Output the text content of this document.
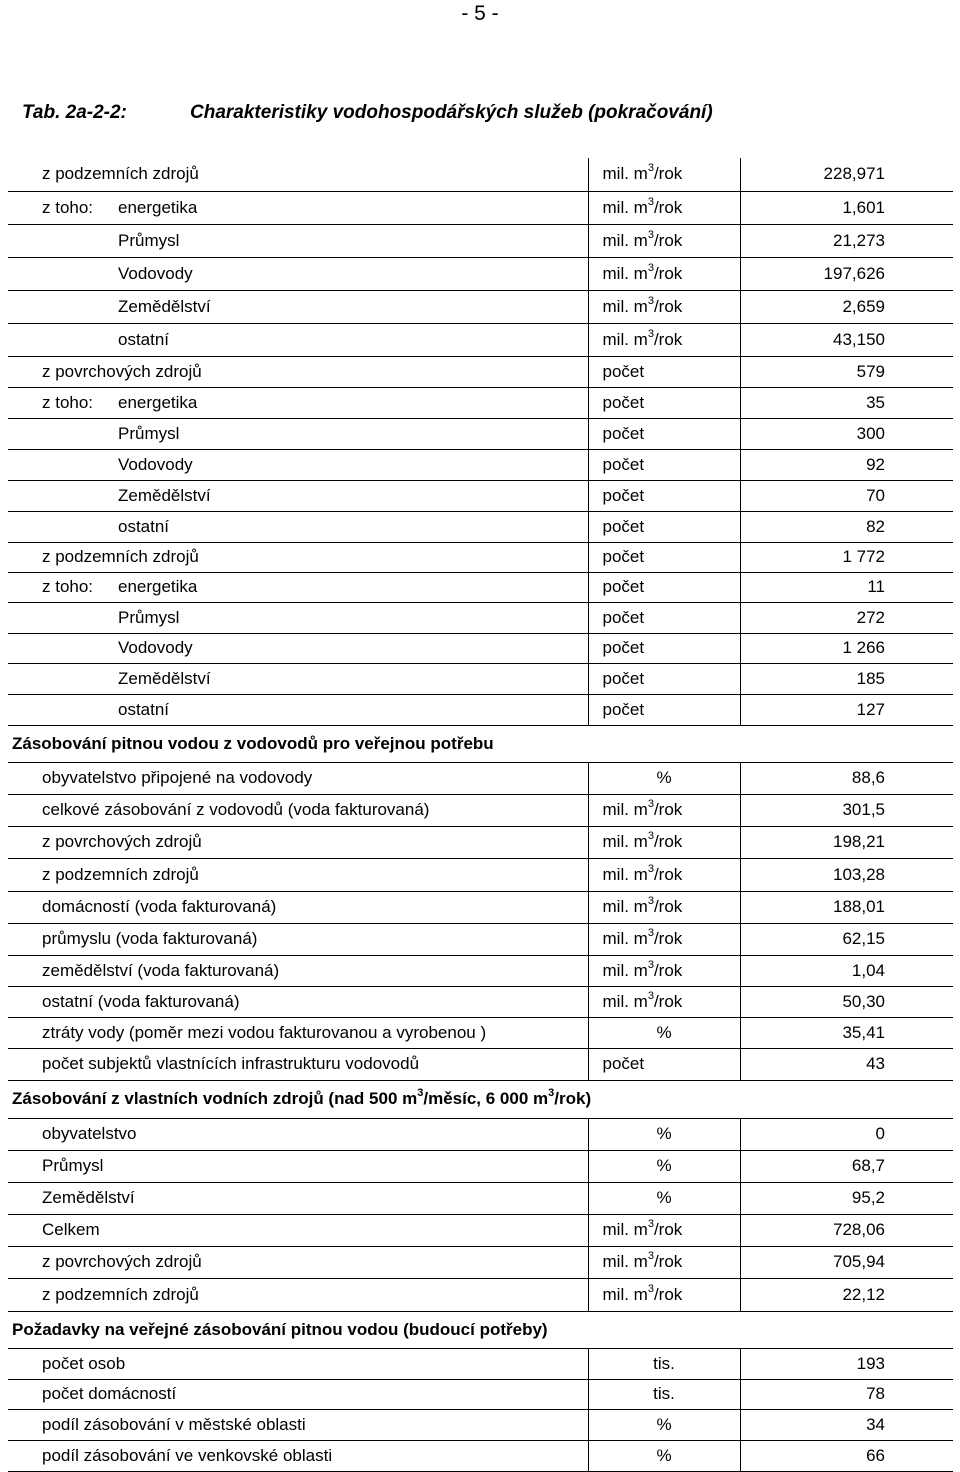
- 5 -
Tab. 2a-2-2:	Charakteristiky vodohospodářských služeb (pokračování)
z podzemních zdrojů	mil. $m^3$/rok	228,971
z toho: energetika	mil. $m^3$/rok	1,601
Průmysl	mil. $m^3$/rok	21,273
Vodovody	mil. $m^3$/rok	197,626
Zemědělství	mil. $m^3$/rok	2,659
ostatní	mil. $m^3$/rok	43,150
z povrchových zdrojů	počet	579
z toho: energetika	počet	35
Průmysl	počet	300
Vodovody	počet	92
Zemědělství	počet	70
ostatní	počet	82
z podzemních zdrojů	počet	1 772
z toho: energetika	počet	11
Průmysl	počet	272
Vodovody	počet	1 266
Zemědělství	počet	185
ostatní	počet	127
Zásobování pitnou vodou z vodovodů pro veřejnou potřebu		
obyvatelstvo připojené na vodovody	%	88,6
celkové zásobování z vodovodů (voda fakturovaná)	mil. $m^3$/rok	301,5
z povrchových zdrojů	mil. $m^3$/rok	198,21
z podzemních zdrojů	mil. $m^3$/rok	103,28
domácností (voda fakturovaná)	mil. $m^3$/rok	188,01
průmyslu (voda fakturovaná)	mil. $m^3$/rok	62,15
zemědělství (voda fakturovaná)	mil. $m^3$/rok	1,04
ostatní (voda fakturovaná)	mil. $m^3$/rok	50,30
ztráty vody (poměr mezi vodou fakturovanou a vyrobenou )	%	35,41
počet subjektů vlastnících infrastrukturu vodovodů	počet	43
Zásobování z vlastních vodních zdrojů (nad 500 $m^3$/měsíc, 6 000 $m^3/rok$)		
obyvatelstvo	%	0
Průmysl	%	68,7
Zemědělství	%	95,2
Celkem	mil. $m^3$/rok	728,06
z povrchových zdrojů	mil. $m^3$/rok	705,94
z podzemních zdrojů	mil. $m^3$/rok	22,12
Požadavky na veřejné zásobování pitnou vodou (budoucí potřeby)		
počet osob	tis.	193
počet domácností	tis.	78
podíl zásobování v městské oblasti	%	34
podíl zásobování ve venkovské oblasti	%	66
